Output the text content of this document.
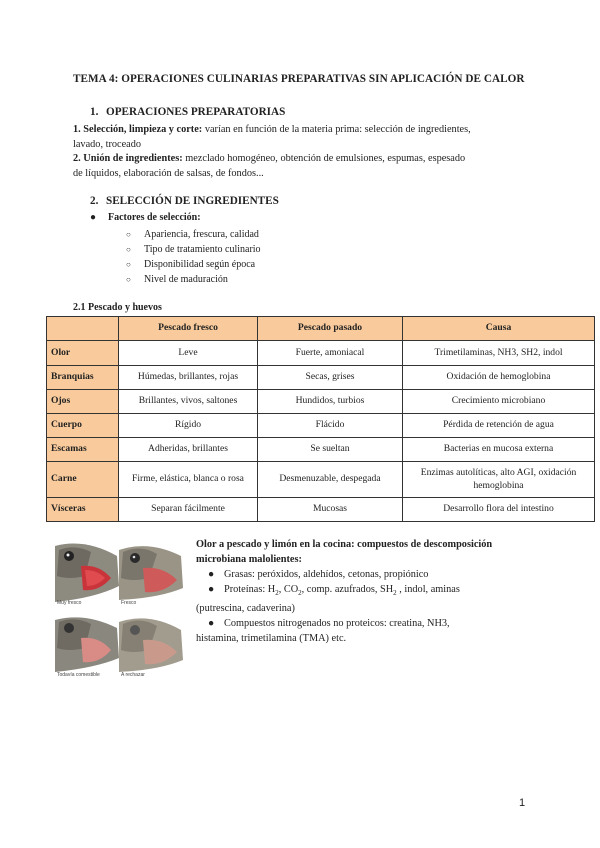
TEMA 4: OPERACIONES CULINARIAS PREPARATIVAS SIN APLICACIÓN DE CALOR
1. OPERACIONES PREPARATORIAS
1. Selección, limpieza y corte: varían en función de la materia prima: selección de ingredientes,
lavado, troceado
2. Unión de ingredientes: mezclado homogéneo, obtención de emulsiones, espumas, espesado
de líquidos, elaboración de salsas, de fondos...
2. SELECCIÓN DE INGREDIENTES
● Factores de selección:
○ Apariencia, frescura, calidad
○ Tipo de tratamiento culinario
○ Disponibilidad según época
○ Nivel de maduración
2.1 Pescado y huevos
	Pescado fresco	Pescado pasado	Causa
Olor	Leve	Fuerte, amoniacal	Trimetilaminas, NH3, SH2, indol
Branquias	Húmedas, brillantes, rojas	Secas, grises	Oxidación de hemoglobina
Ojos	Brillantes, vivos, saltones	Hundidos, turbios	Crecimiento microbiano
Cuerpo	Rígido	Flácido	Pérdida de retención de agua
Escamas	Adheridas, brillantes	Se sueltan	Bacterias en mucosa externa
Carne	Firme, elástica, blanca o rosa	Desmenuzable, despegada	Enzimas autolíticas, alto AGI, oxidación hemoglobina
Vísceras	Separan fácilmente	Mucosas	Desarrollo flora del intestino
Muy fresco	Fresco
Todavía comestible	A rechazar
Olor a pescado y limón en la cocina: compuestos de descomposición
microbiana malolientes:
● Grasas: peróxidos, aldehídos, cetonas, propiónico
● Proteínas: $H_2$, $CO_2$, comp. azufrados, $SH_2$ , indol, aminas
(putrescina, cadaverina)
● Compuestos nitrogenados no proteicos: creatina, NH3,
histamina, trimetilamina (TMA) etc.
1
